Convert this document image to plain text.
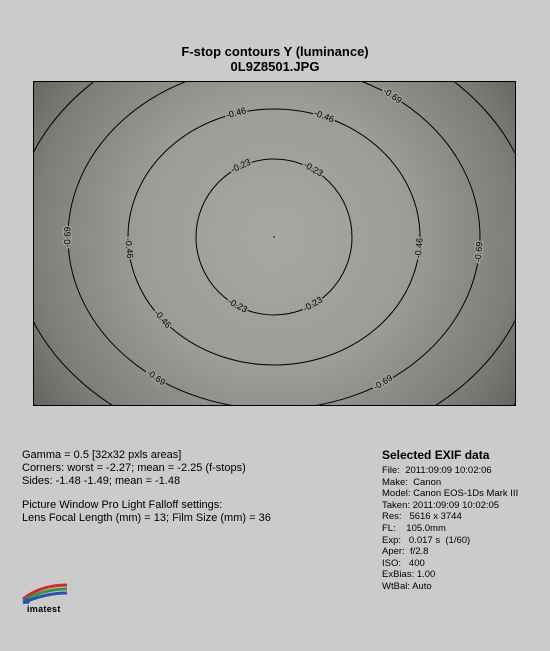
F-stop contours Y (luminance)
0L9Z8501.JPG
-0.23	-0.23
-0.23
-0.23
-0.46	-0.46
-0.46	-0.46
-0.46
-0.69
-0.69
-0.69
-0.69	-0.69
Gamma = 0.5 [32x32 pxls areas]
Corners: worst = -2.27; mean = -2.25 (f-stops)
Sides: -1.48 -1.49; mean = -1.48
Picture Window Pro Light Falloff settings:
Lens Focal Length (mm) = 13; Film Size (mm) = 36
Selected EXIF data
File:  2011:09:09 10:02:06
Make:  Canon
Model: Canon EOS-1Ds Mark III
Taken: 2011:09:09 10:02:05
Res:   5616 x 3744
FL:    105.0mm
Exp:   0.017 s  (1/60)
Aper:  f/2.8
ISO:   400
ExBias: 1.00
WtBal: Auto
imatest
